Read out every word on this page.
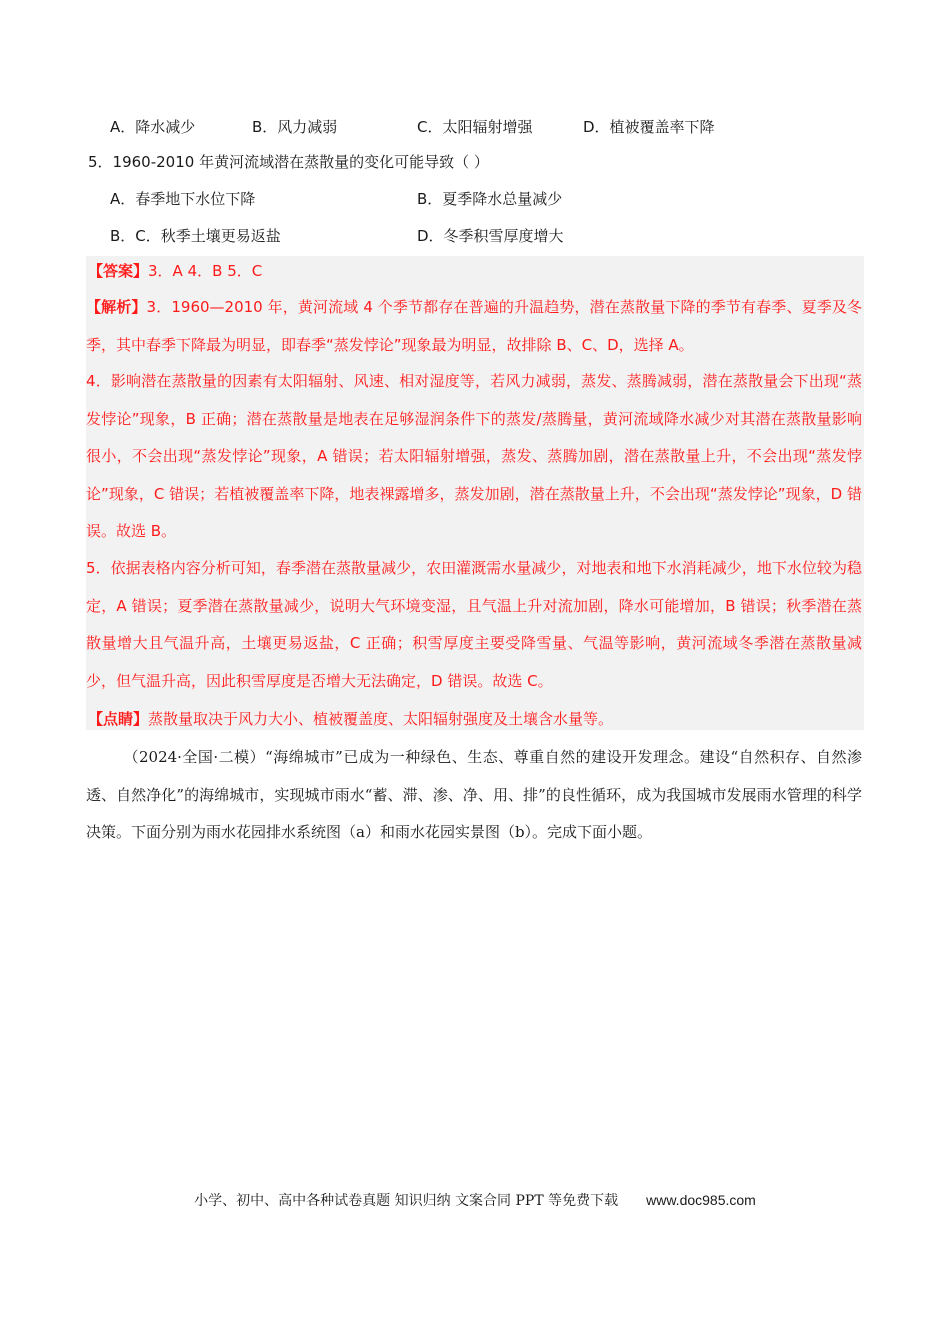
A．降水减少	B．风力减弱	C．太阳辐射增强	D．植被覆盖率下降
5．1960-2010 年黄河流域潜在蒸散量的变化可能导致（ ）
A．春季地下水位下降	B．夏季降水总量减少
B．C．秋季土壤更易返盐	D．冬季积雪厚度增大
【答案】3．A 4．B 5．C
【解析】3．1960—2010 年，黄河流域 4 个季节都存在普遍的升温趋势，潜在蒸散量下降的季节有春季、夏季及冬季，其中春季下降最为明显，即春季“蒸发悖论”现象最为明显，故排除 B、C、D，选择 A。
4．影响潜在蒸散量的因素有太阳辐射、风速、相对湿度等，若风力减弱，蒸发、蒸腾减弱，潜在蒸散量会下出现“蒸发悖论”现象，B 正确；潜在蒸散量是地表在足够湿润条件下的蒸发/蒸腾量，黄河流域降水减少对其潜在蒸散量影响很小，不会出现“蒸发悖论”现象，A 错误；若太阳辐射增强，蒸发、蒸腾加剧，潜在蒸散量上升，不会出现“蒸发悖论”现象，C 错误；若植被覆盖率下降，地表裸露增多，蒸发加剧，潜在蒸散量上升，不会出现“蒸发悖论”现象，D 错误。故选 B。
5．依据表格内容分析可知，春季潜在蒸散量减少，农田灌溉需水量减少，对地表和地下水消耗减少，地下水位较为稳定，A 错误；夏季潜在蒸散量减少，说明大气环境变湿，且气温上升对流加剧，降水可能增加，B 错误；秋季潜在蒸散量增大且气温升高，土壤更易返盐，C 正确；积雪厚度主要受降雪量、气温等影响，黄河流域冬季潜在蒸散量减少，但气温升高，因此积雪厚度是否增大无法确定，D 错误。故选 C。
【点睛】蒸散量取决于风力大小、植被覆盖度、太阳辐射强度及土壤含水量等。
（2024·全国·二模）“海绵城市”已成为一种绿色、生态、尊重自然的建设开发理念。建设“自然积存、自然渗透、自然净化”的海绵城市，实现城市雨水“蓄、滞、渗、净、用、排”的良性循环，成为我国城市发展雨水管理的科学决策。下面分别为雨水花园排水系统图（a）和雨水花园实景图（b）。完成下面小题。
小学、初中、高中各种试卷真题 知识归纳 文案合同 PPT 等免费下载 www.doc985.com
